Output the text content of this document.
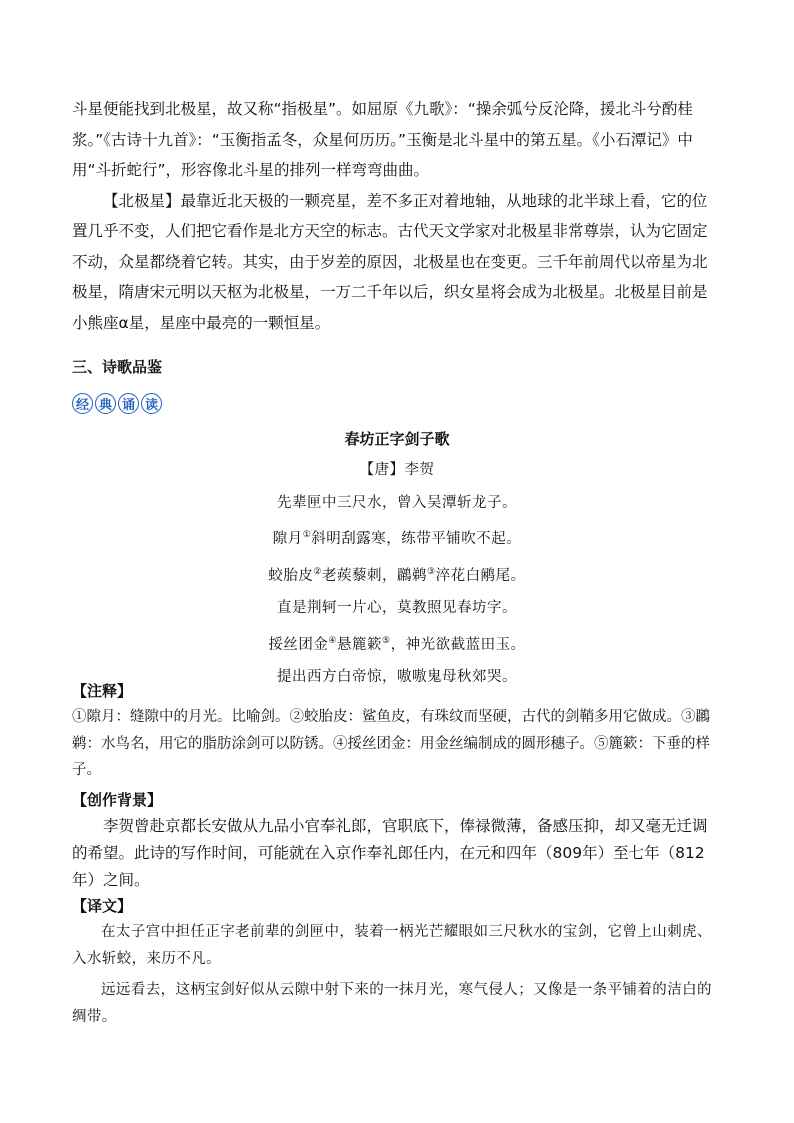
斗星便能找到北极星，故又称“指极星”。如屈原《九歌》：“操余弧兮反沦降，援北斗兮酌桂浆。”《古诗十九首》：“玉衡指孟冬，众星何历历。”玉衡是北斗星中的第五星。《小石潭记》中用“斗折蛇行”，形容像北斗星的排列一样弯弯曲曲。

【北极星】最靠近北天极的一颗亮星，差不多正对着地轴，从地球的北半球上看，它的位置几乎不变，人们把它看作是北方天空的标志。古代天文学家对北极星非常尊崇，认为它固定不动，众星都绕着它转。其实，由于岁差的原因，北极星也在变更。三千年前周代以帝星为北极星，隋唐宋元明以天枢为北极星，一万二千年以后，织女星将会成为北极星。北极星目前是小熊座α星，星座中最亮的一颗恒星。

三、诗歌品鉴
经 典 诵 读
春坊正字剑子歌
【唐】李贺
先辈匣中三尺水，曾入吴潭斩龙子。
隙月①斜明刮露寒，练带平铺吹不起。
蛟胎皮②老蒺藜刺，鸊鹈③淬花白鹇尾。
直是荆轲一片心，莫教照见春坊字。
挼丝团金④悬簏簌⑤，神光欲截蓝田玉。
提出西方白帝惊，嗷嗷鬼母秋郊哭。
【注释】

①隙月：缝隙中的月光。比喻剑。②蛟胎皮：鲨鱼皮，有珠纹而坚硬，古代的剑鞘多用它做成。③鸊鹈：水鸟名，用它的脂肪涂剑可以防锈。④挼丝团金：用金丝编制成的圆形穗子。⑤簏簌：下垂的样子。

【创作背景】

李贺曾赴京都长安做从九品小官奉礼郎，官职底下，俸禄微薄，备感压抑，却又毫无迁调的希望。此诗的写作时间，可能就在入京作奉礼郎任内，在元和四年（809年）至七年（812年）之间。

【译文】

在太子宫中担任正字老前辈的剑匣中，装着一柄光芒耀眼如三尺秋水的宝剑，它曾上山刺虎、入水斩蛟，来历不凡。

远远看去，这柄宝剑好似从云隙中射下来的一抹月光，寒气侵人；又像是一条平铺着的洁白的绸带。
